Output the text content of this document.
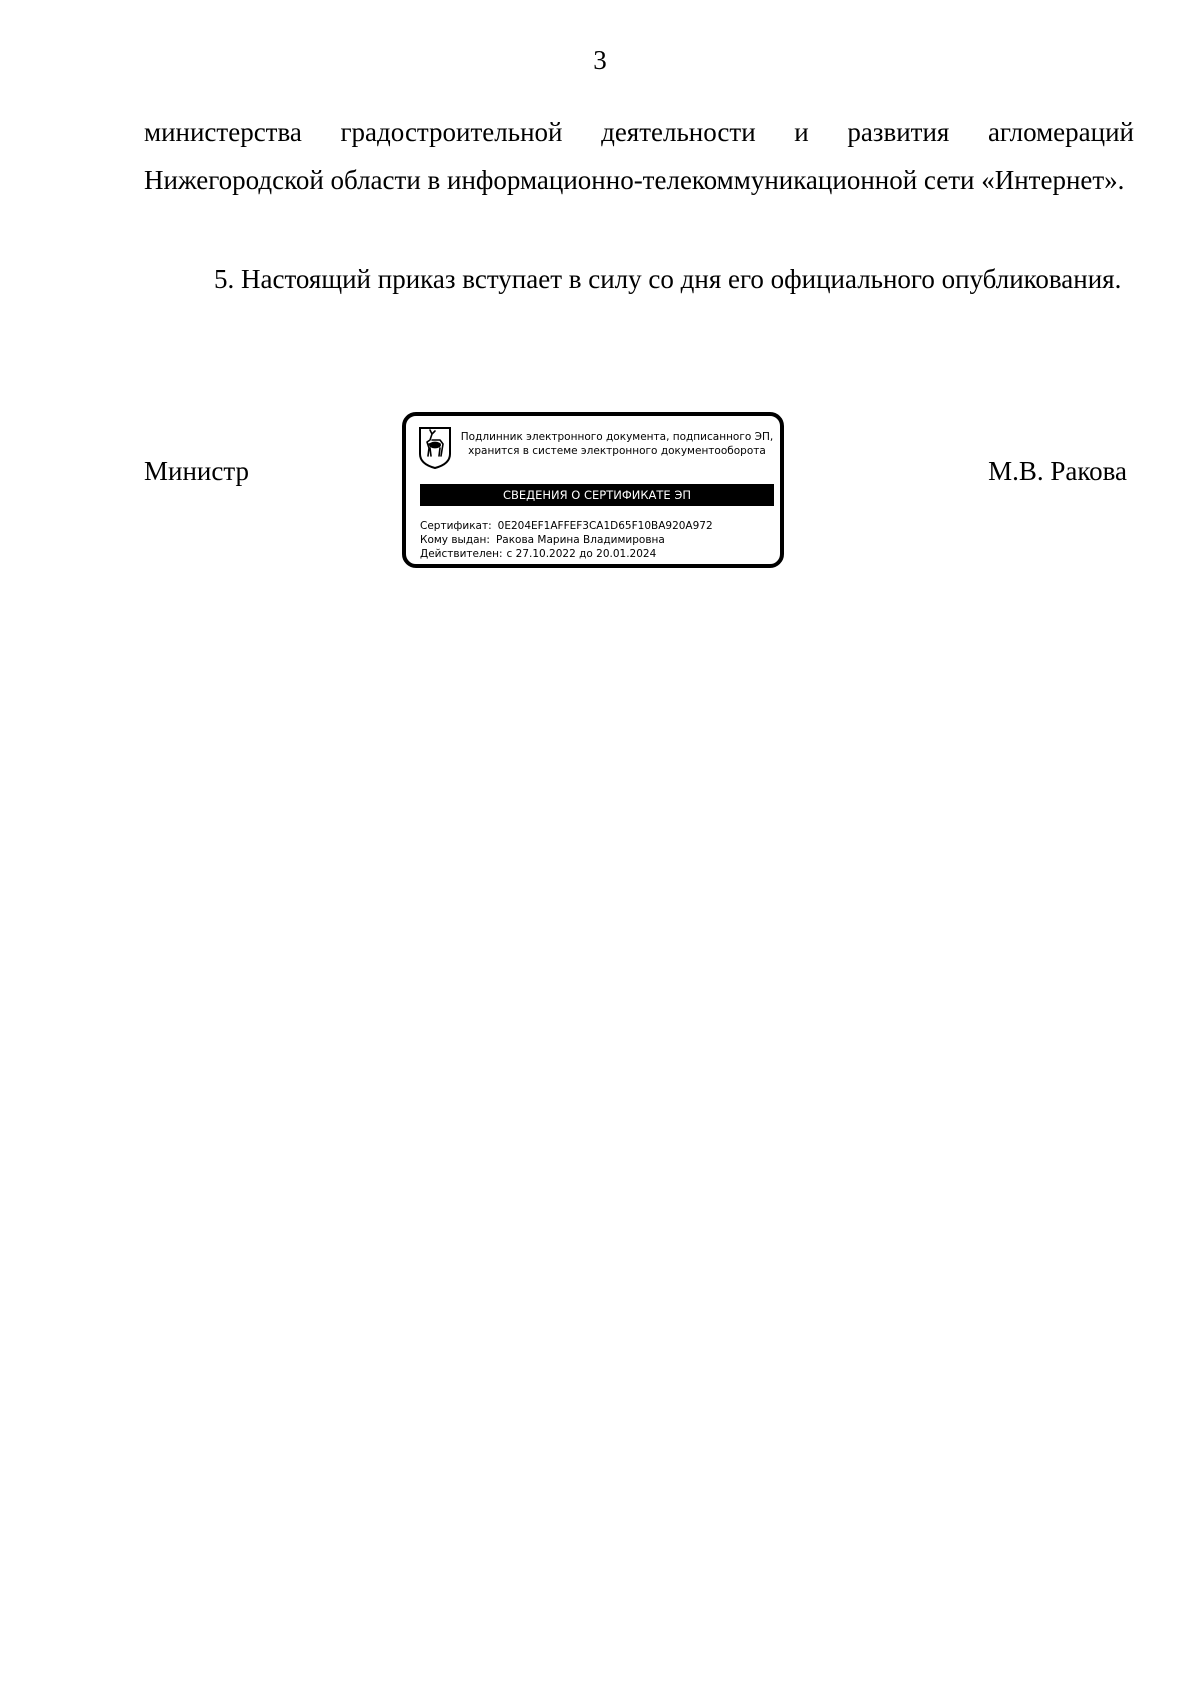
3

министерства градостроительной деятельности и развития агломераций Нижегородской области в информационно-телекоммуникационной сети «Интернет».

5. Настоящий приказ вступает в силу со дня его официального опубликования.

Министр

Подлинник электронного документа, подписанного ЭП,
хранится в системе электронного документооборота
СВЕДЕНИЯ О СЕРТИФИКАТЕ ЭП
Сертификат: 0E204EF1AFFEF3CA1D65F10BA920A972
Кому выдан: Ракова Марина Владимировна
Действителен: с 27.10.2022 до 20.01.2024

М.В. Ракова
